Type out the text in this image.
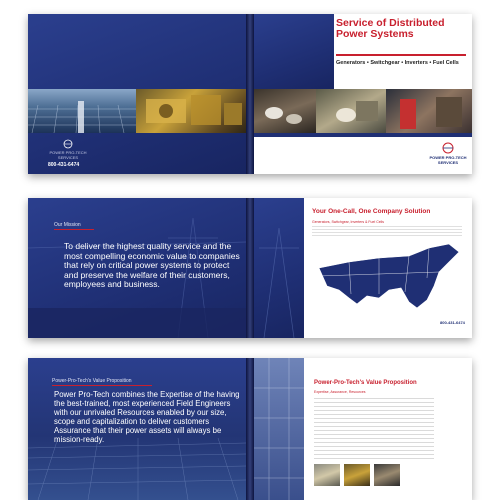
POWER PRO-TECH SERVICES
800-431-6474
Service of Distributed
Power Systems
Generators • Switchgear • Inverters • Fuel Cells
POWER PRO-TECH SERVICES
Our Mission
To deliver the highest quality service and the most compelling economic value to companies that rely on critical power systems to protect and preserve the welfare of their customers, employees and business.
Your One-Call, One Company Solution
Generators, Switchgear, Inverters & Fuel Cells
800-431-6474
Power-Pro-Tech's Value Proposition
Power Pro-Tech combines the Expertise of the having the best-trained, most experienced Field Engineers with our unrivaled Resources enabled by our size, scope and capitalization to deliver customers Assurance that their power assets will always be mission-ready.
Power-Pro-Tech's Value Proposition
Expertise, Assurance, Resources
